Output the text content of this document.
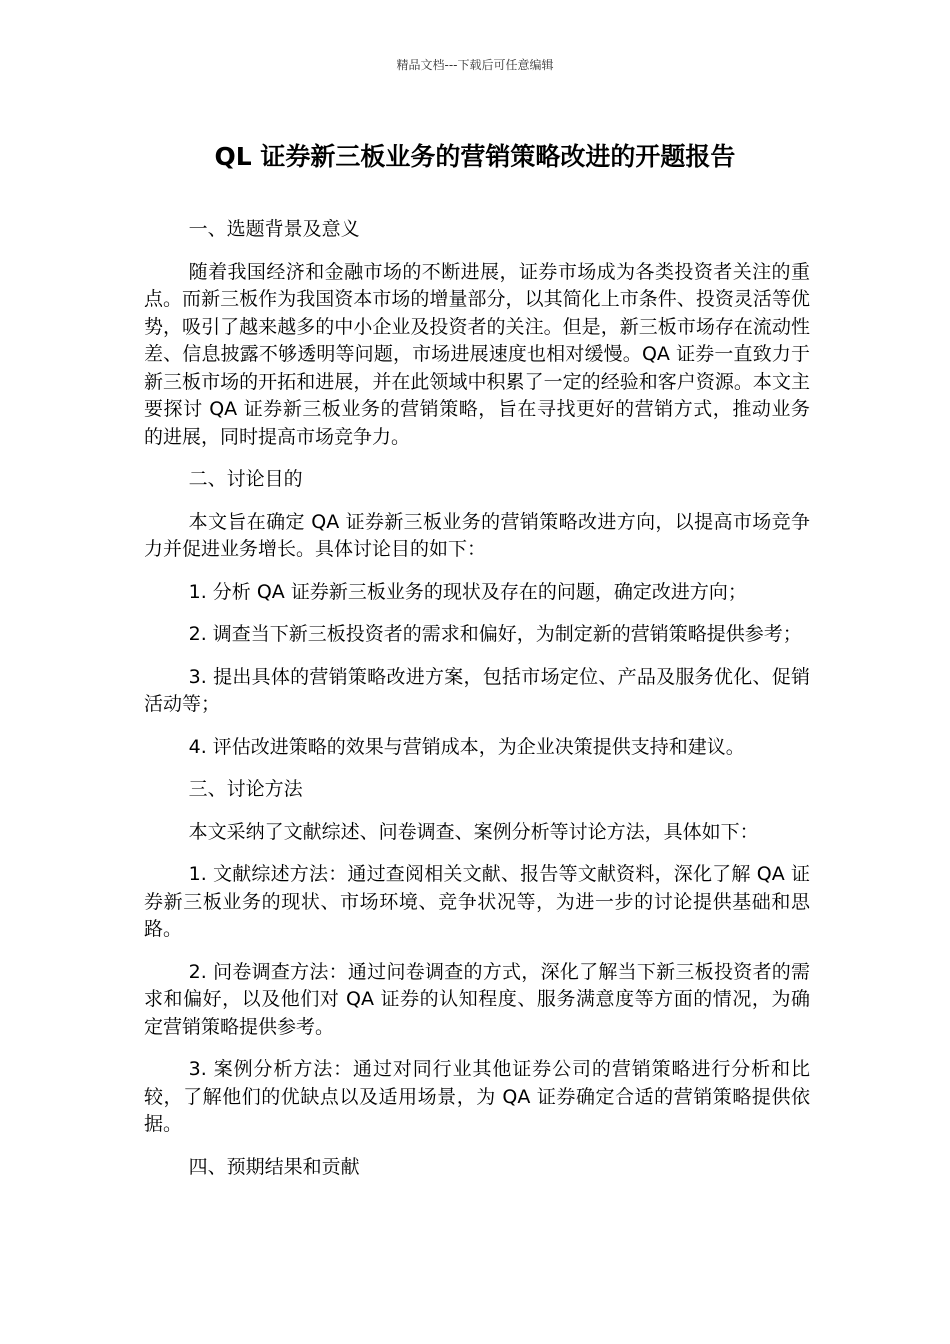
精品文档---下载后可任意编辑
QL 证券新三板业务的营销策略改进的开题报告

一、选题背景及意义

随着我国经济和金融市场的不断进展，证券市场成为各类投资者关注的重点。而新三板作为我国资本市场的增量部分，以其简化上市条件、投资灵活等优势，吸引了越来越多的中小企业及投资者的关注。但是，新三板市场存在流动性差、信息披露不够透明等问题，市场进展速度也相对缓慢。QA 证券一直致力于新三板市场的开拓和进展，并在此领域中积累了一定的经验和客户资源。本文主要探讨 QA 证券新三板业务的营销策略，旨在寻找更好的营销方式，推动业务的进展，同时提高市场竞争力。

二、讨论目的

本文旨在确定 QA 证券新三板业务的营销策略改进方向，以提高市场竞争力并促进业务增长。具体讨论目的如下：

1. 分析 QA 证券新三板业务的现状及存在的问题，确定改进方向；

2. 调查当下新三板投资者的需求和偏好，为制定新的营销策略提供参考；

3. 提出具体的营销策略改进方案，包括市场定位、产品及服务优化、促销活动等；

4. 评估改进策略的效果与营销成本，为企业决策提供支持和建议。

三、讨论方法

本文采纳了文献综述、问卷调查、案例分析等讨论方法，具体如下：

1. 文献综述方法：通过查阅相关文献、报告等文献资料，深化了解 QA 证券新三板业务的现状、市场环境、竞争状况等，为进一步的讨论提供基础和思路。

2. 问卷调查方法：通过问卷调查的方式，深化了解当下新三板投资者的需求和偏好，以及他们对 QA 证券的认知程度、服务满意度等方面的情况，为确定营销策略提供参考。

3. 案例分析方法：通过对同行业其他证券公司的营销策略进行分析和比较，了解他们的优缺点以及适用场景，为 QA 证券确定合适的营销策略提供依据。

四、预期结果和贡献
